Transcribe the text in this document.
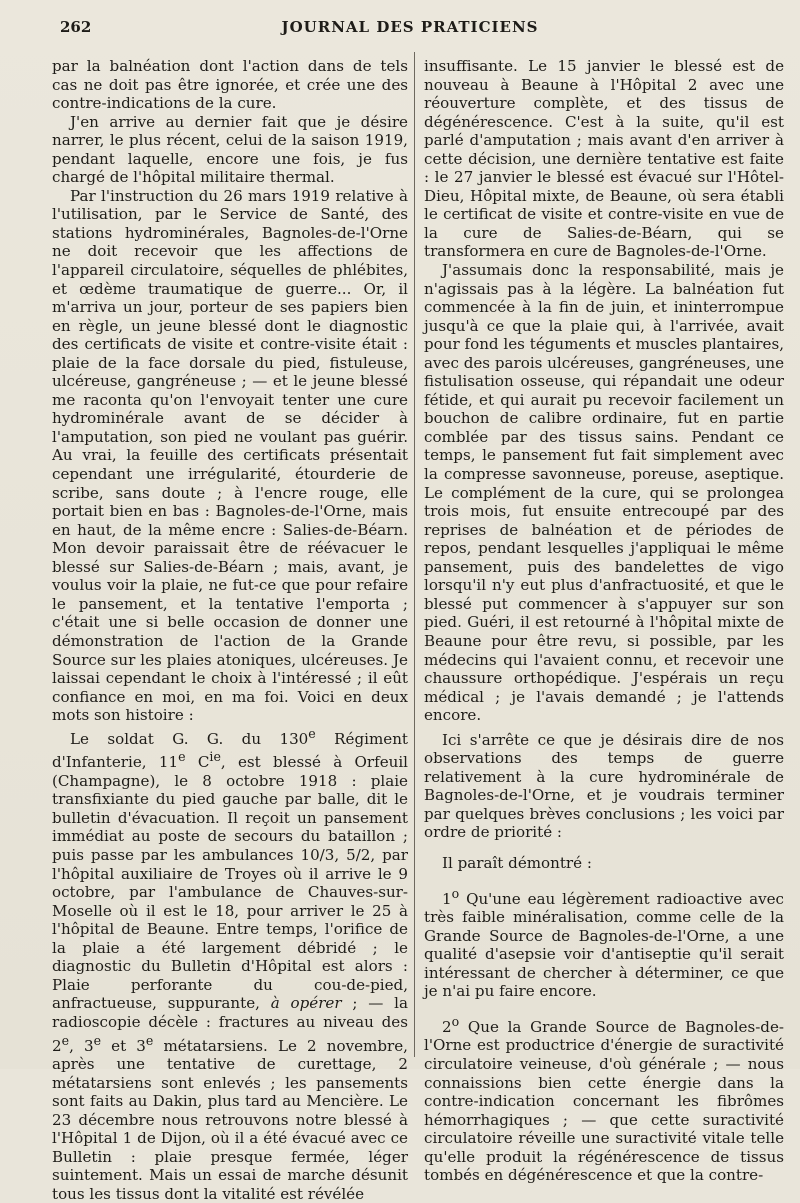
262	JOURNAL DES PRATICIENS

par la balnéation dont l'action dans de tels cas ne doit pas être ignorée, et crée une des contre-indications de la cure.

J'en arrive au dernier fait que je désire narrer, le plus récent, celui de la saison 1919, pendant laquelle, encore une fois, je fus chargé de l'hôpital militaire thermal.

Par l'instruction du 26 mars 1919 relative à l'utilisation, par le Service de Santé, des stations hydrominérales, Bagnoles-de-l'Orne ne doit recevoir que les affections de l'appareil circulatoire, séquelles de phlébites, et œdème traumatique de guerre... Or, il m'arriva un jour, porteur de ses papiers bien en règle, un jeune blessé dont le diagnostic des certificats de visite et contre-visite était : plaie de la face dorsale du pied, fistuleuse, ulcéreuse, gangréneuse ; — et le jeune blessé me raconta qu'on l'envoyait tenter une cure hydrominérale avant de se décider à l'amputation, son pied ne voulant pas guérir. Au vrai, la feuille des certificats présentait cependant une irrégularité, étourderie de scribe, sans doute ; à l'encre rouge, elle portait bien en bas : Bagnoles-de-l'Orne, mais en haut, de la même encre : Salies-de-Béarn. Mon devoir paraissait être de réévacuer le blessé sur Salies-de-Béarn ; mais, avant, je voulus voir la plaie, ne fut-ce que pour refaire le pansement, et la tentative l'emporta ; c'était une si belle occasion de donner une démonstration de l'action de la Grande Source sur les plaies atoniques, ulcéreuses. Je laissai cependant le choix à l'intéressé ; il eût confiance en moi, en ma foi. Voici en deux mots son histoire :

Le soldat G. G. du 130e Régiment d'Infanterie, 11e $C^{ie}$, est blessé à Orfeuil (Champagne), le 8 octobre 1918 : plaie transfixiante du pied gauche par balle, dit le bulletin d'évacuation. Il reçoit un pansement immédiat au poste de secours du bataillon ; puis passe par les ambulances 10/3, 5/2, par l'hôpital auxiliaire de Troyes où il arrive le 9 octobre, par l'ambulance de Chauves-sur-Moselle où il est le 18, pour arriver le 25 à l'hôpital de Beaune. Entre temps, l'orifice de la plaie a été largement débridé ; le diagnostic du Bulletin d'Hôpital est alors : Plaie perforante du cou-de-pied, anfractueuse, suppurante, à opérer ; — la radioscopie décèle : fractures au niveau des 2e, 3e et 3e métatarsiens. Le 2 novembre, après une tentative de curettage, 2 métatarsiens sont enlevés ; les pansements sont faits au Dakin, plus tard au Mencière. Le 23 décembre nous retrouvons notre blessé à l'Hôpital 1 de Dijon, où il a été évacué avec ce Bulletin : plaie presque fermée, léger suintement. Mais un essai de marche désunit tous les tissus dont la vitalité est révélée

insuffisante. Le 15 janvier le blessé est de nouveau à Beaune à l'Hôpital 2 avec une réouverture complète, et des tissus de dégénérescence. C'est à la suite, qu'il est parlé d'amputation ; mais avant d'en arriver à cette décision, une dernière tentative est faite : le 27 janvier le blessé est évacué sur l'Hôtel-Dieu, Hôpital mixte, de Beaune, où sera établi le certificat de visite et contre-visite en vue de la cure de Salies-de-Béarn, qui se transformera en cure de Bagnoles-de-l'Orne.

J'assumais donc la responsabilité, mais je n'agissais pas à la légère. La balnéation fut commencée à la fin de juin, et ininterrompue jusqu'à ce que la plaie qui, à l'arrivée, avait pour fond les téguments et muscles plantaires, avec des parois ulcéreuses, gangréneuses, une fistulisation osseuse, qui répandait une odeur fétide, et qui aurait pu recevoir facilement un bouchon de calibre ordinaire, fut en partie comblée par des tissus sains. Pendant ce temps, le pansement fut fait simplement avec la compresse savonneuse, poreuse, aseptique. Le complément de la cure, qui se prolongea trois mois, fut ensuite entrecoupé par des reprises de balnéation et de périodes de repos, pendant lesquelles j'appliquai le même pansement, puis des bandelettes de vigo lorsqu'il n'y eut plus d'anfractuosité, et que le blessé put commencer à s'appuyer sur son pied. Guéri, il est retourné à l'hôpital mixte de Beaune pour être revu, si possible, par les médecins qui l'avaient connu, et recevoir une chaussure orthopédique. J'espérais un reçu médical ; je l'avais demandé ; je l'attends encore.

Ici s'arrête ce que je désirais dire de nos observations des temps de guerre relativement à la cure hydrominérale de Bagnoles-de-l'Orne, et je voudrais terminer par quelques brèves conclusions ; les voici par ordre de priorité :

Il paraît démontré :

1$^o$ Qu'une eau légèrement radioactive avec très faible minéralisation, comme celle de la Grande Source de Bagnoles-de-l'Orne, a une qualité d'asepsie voir d'antiseptie qu'il serait intéressant de chercher à déterminer, ce que je n'ai pu faire encore.

2$^o$ Que la Grande Source de Bagnoles-de-l'Orne est productrice d'énergie de suractivité circulatoire veineuse, d'où générale ; — nous connaissions bien cette énergie dans la contre-indication concernant les fibrômes hémorrhagiques ; — que cette suractivité circulatoire réveille une suractivité vitale telle qu'elle produit la régénérescence de tissus tombés en dégénérescence et que la contre-
